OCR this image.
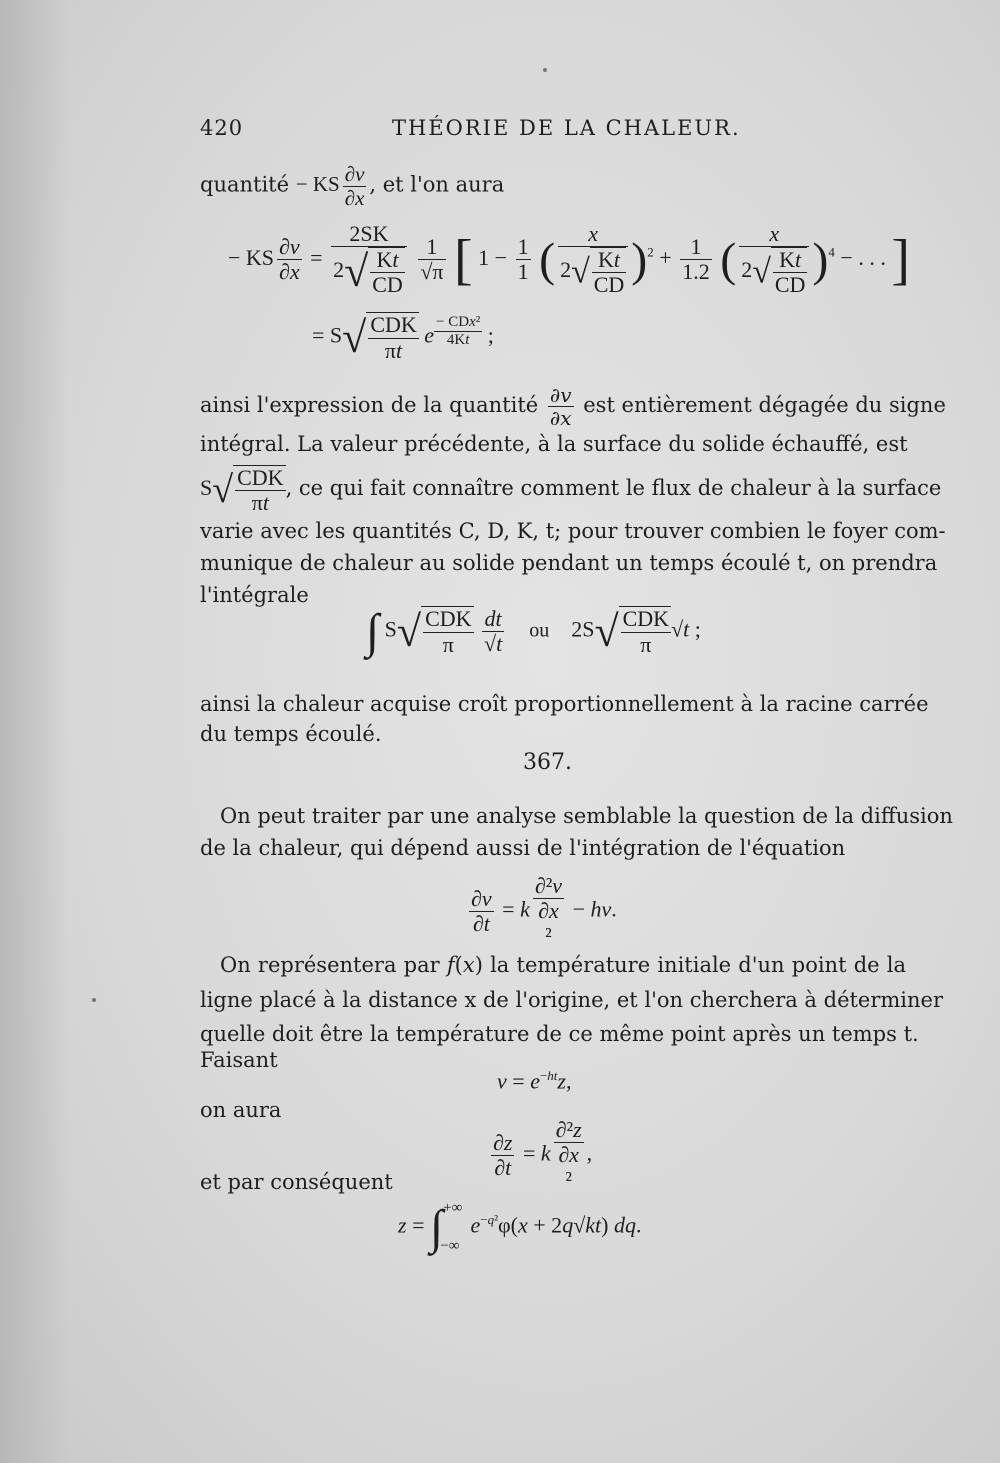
420	THÉORIE DE LA CHALEUR.
quantité − KS $\frac{\partial v}{\partial x}$ , et l'on aura
− KS $\frac{\partial v}{\partial x} = \frac{2SK}{2√ \frac{Kt}{CD}}$
$\frac{1}{√\pi}$ [ $1 - \frac{1}{1}$ ( $\frac{x}{2√ \frac{Kt}{CD}} )^2 + \frac{1}{1.2}$ ( $\frac{x}{2√ \frac{Kt}{CD}} )^4$ − . . . ]
= $S√ \frac{\text{CDK}}{\pi t}$ e $^{\frac{\text{− CDx²}}{4Kt}}$ ;
ainsi l'expression de la quantité $\frac{\partial v}{\partial x}$ est entièrement dégagée du signe
intégral. La valeur précédente, à la surface du solide échauffé, est
$S√ \frac{\text{CDK}}{\pi t}$ , ce qui fait connaître comment le flux de chaleur à la surface
varie avec les quantités C, D, K, t; pour trouver combien le foyer com-
munique de chaleur au solide pendant un temps écoulé t, on prendra
l'intégrale
∫ $S√ \frac{\text{CDK}}{\pi}$
$\frac{dt}{√t}$ ou    $2S√ \frac{\text{CDK}}{\pi} √t$ ;
ainsi la chaleur acquise croît proportionnellement à la racine carrée
du temps écoulé.
367.
On peut traiter par une analyse semblable la question de la diffusion
de la chaleur, qui dépend aussi de l'intégration de l'équation
$\frac{\partial v}{\partial t} = k$
∂²v
∂x
² − hv.
On représentera par f(x) la température initiale d'un point de la
ligne placé à la distance x de l'origine, et l'on cherchera à déterminer
quelle doit être la température de ce même point après un temps t.
Faisant
$v = e^{-ht}z$,
on aura
$\frac{\partial z}{\partial t} = k$
∂²z
∂x
²,
et par conséquent
z = ∫+∞−∞  $e^{-q^2}\varphi(x + 2q√kt)$ dq.
